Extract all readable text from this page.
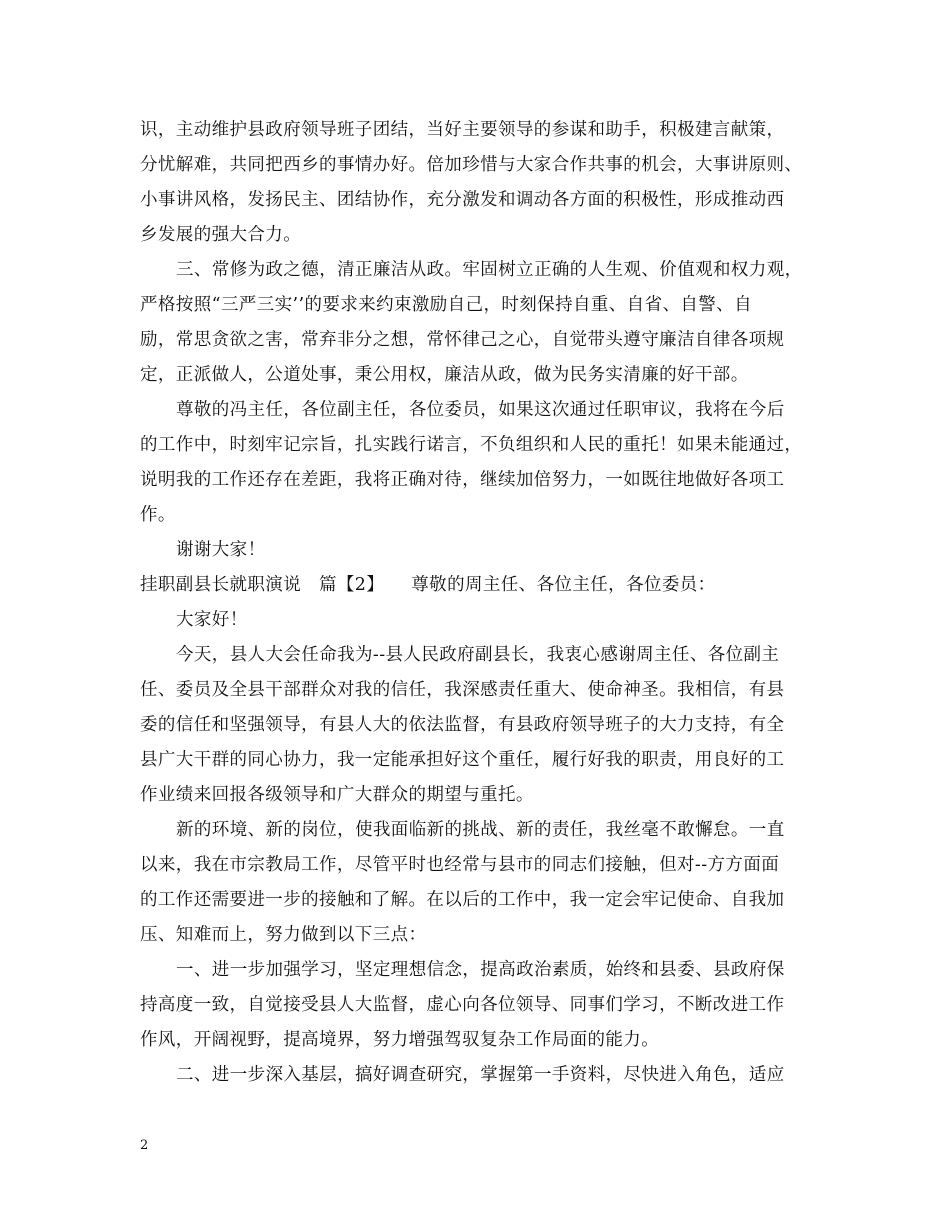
识，主动维护县政府领导班子团结，当好主要领导的参谋和助手，积极建言献策，
分忧解难，共同把西乡的事情办好。倍加珍惜与大家合作共事的机会，大事讲原则、
小事讲风格，发扬民主、团结协作，充分激发和调动各方面的积极性，形成推动西
乡发展的强大合力。
三、常修为政之德，清正廉洁从政。牢固树立正确的人生观、价值观和权力观，
严格按照“三严三实’’的要求来约束激励自己，时刻保持自重、自省、自警、自
励，常思贪欲之害，常弃非分之想，常怀律己之心，自觉带头遵守廉洁自律各项规
定，正派做人，公道处事，秉公用权，廉洁从政，做为民务实清廉的好干部。
尊敬的冯主任，各位副主任，各位委员，如果这次通过任职审议，我将在今后
的工作中，时刻牢记宗旨，扎实践行诺言，不负组织和人民的重托！如果未能通过，
说明我的工作还存在差距，我将正确对待，继续加倍努力，一如既往地做好各项工
作。
谢谢大家！
挂职副县长就职演说　篇【2】　　尊敬的周主任、各位主任，各位委员：
大家好！
今天，县人大会任命我为--县人民政府副县长，我衷心感谢周主任、各位副主
任、委员及全县干部群众对我的信任，我深感责任重大、使命神圣。我相信，有县
委的信任和坚强领导，有县人大的依法监督，有县政府领导班子的大力支持，有全
县广大干群的同心协力，我一定能承担好这个重任，履行好我的职责，用良好的工
作业绩来回报各级领导和广大群众的期望与重托。
新的环境、新的岗位，使我面临新的挑战、新的责任，我丝毫不敢懈怠。一直
以来，我在市宗教局工作，尽管平时也经常与县市的同志们接触，但对--方方面面
的工作还需要进一步的接触和了解。在以后的工作中，我一定会牢记使命、自我加
压、知难而上，努力做到以下三点：
一、进一步加强学习，坚定理想信念，提高政治素质，始终和县委、县政府保
持高度一致，自觉接受县人大监督，虚心向各位领导、同事们学习，不断改进工作
作风，开阔视野，提高境界，努力增强驾驭复杂工作局面的能力。
二、进一步深入基层，搞好调查研究，掌握第一手资料，尽快进入角色，适应
2
